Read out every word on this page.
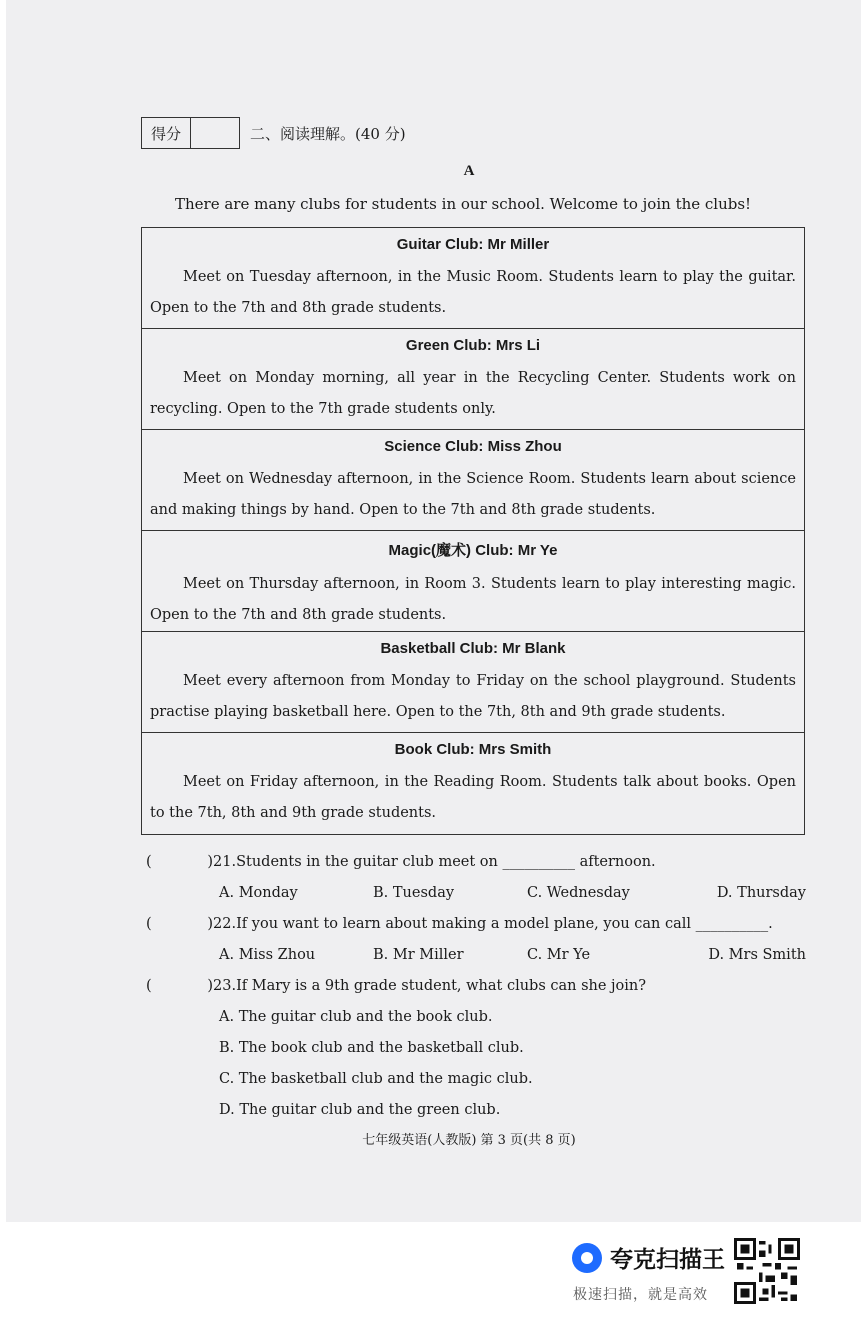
得分	二、阅读理解。(40 分)
A
There are many clubs for students in our school. Welcome to join the clubs!
Guitar Club: Mr Miller

Meet on Tuesday afternoon, in the Music Room. Students learn to play the guitar. Open to the 7th and 8th grade students.

Green Club: Mrs Li

Meet on Monday morning, all year in the Recycling Center. Students work on recycling. Open to the 7th grade students only.

Science Club: Miss Zhou

Meet on Wednesday afternoon, in the Science Room. Students learn about science and making things by hand. Open to the 7th and 8th grade students.

Magic(魔术) Club: Mr Ye

Meet on Thursday afternoon, in Room 3. Students learn to play interesting magic. Open to the 7th and 8th grade students.

Basketball Club: Mr Blank

Meet every afternoon from Monday to Friday on the school playground. Students practise playing basketball here. Open to the 7th, 8th and 9th grade students.

Book Club: Mrs Smith

Meet on Friday afternoon, in the Reading Room. Students talk about books. Open to the 7th, 8th and 9th grade students.

(	) 21. Students in the guitar club meet on __________ afternoon.
A. Monday	B. Tuesday	C. Wednesday	D. Thursday
(	) 22. If you want to learn about making a model plane, you can call __________.
A. Miss Zhou	B. Mr Miller	C. Mr Ye	D. Mrs Smith
(	) 23. If Mary is a 9th grade student, what clubs can she join?
A. The guitar club and the book club.
B. The book club and the basketball club.
C. The basketball club and the magic club.
D. The guitar club and the green club.
七年级英语(人教版) 第 3 页(共 8 页)
夸克扫描王
极速扫描，就是高效
